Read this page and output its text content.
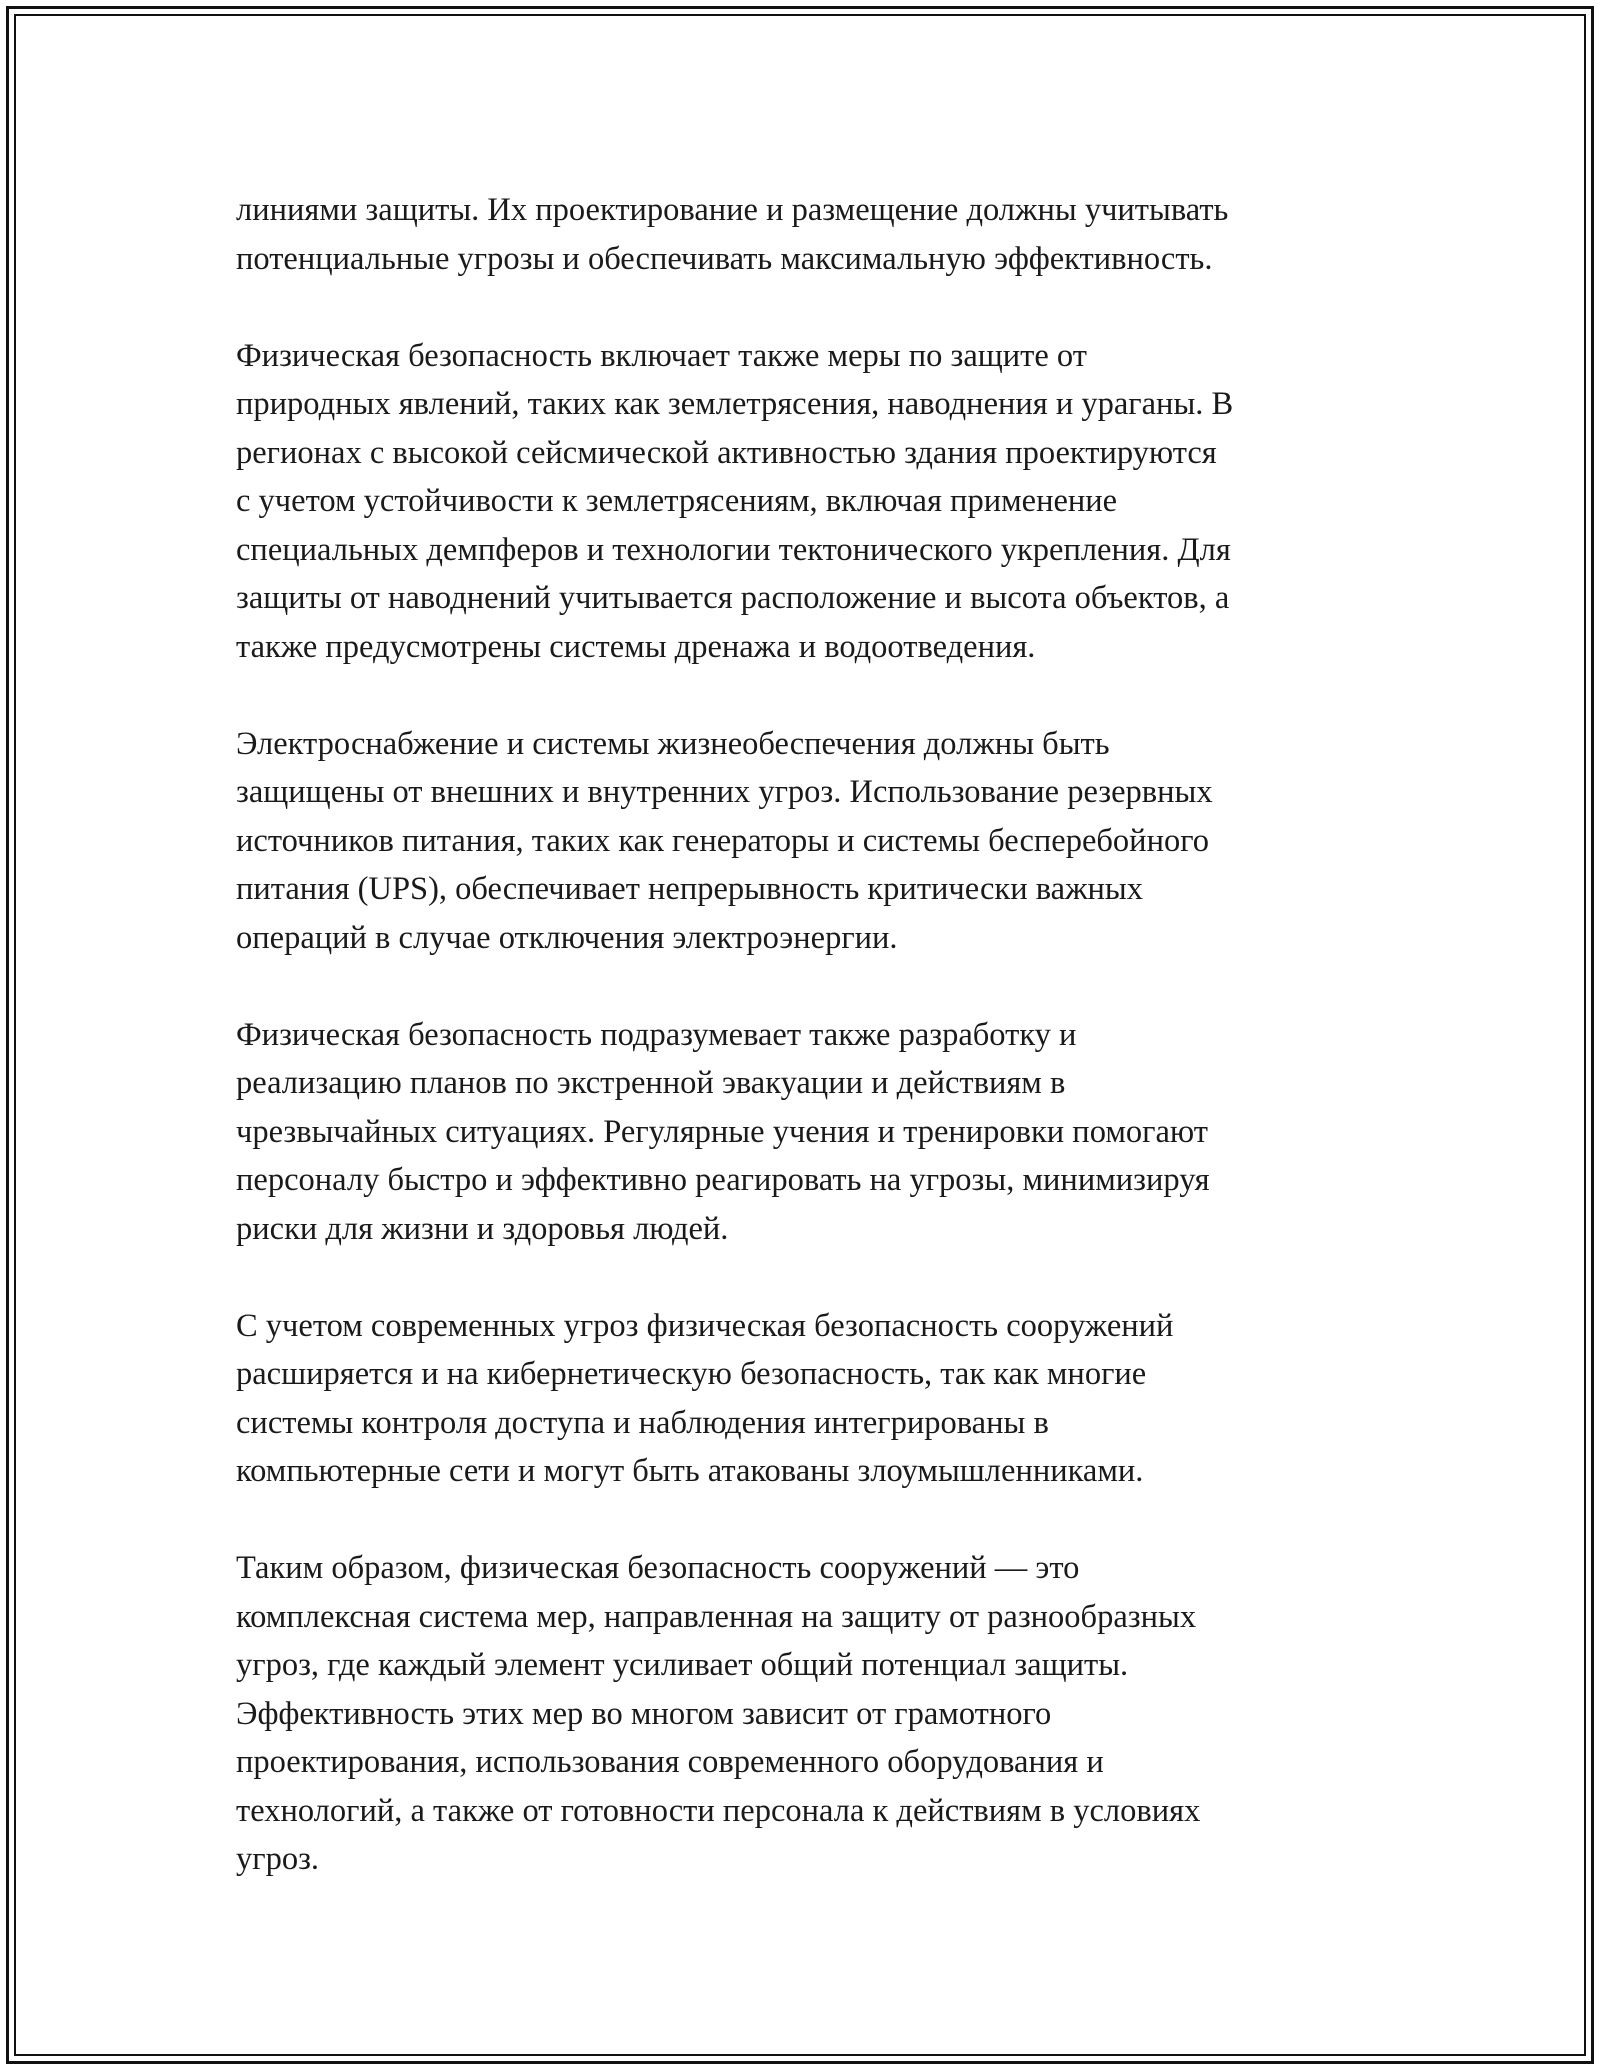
линиями защиты. Их проектирование и размещение должны учитывать
потенциальные угрозы и обеспечивать максимальную эффективность.

Физическая безопасность включает также меры по защите от
природных явлений, таких как землетрясения, наводнения и ураганы. В
регионах с высокой сейсмической активностью здания проектируются
с учетом устойчивости к землетрясениям, включая применение
специальных демпферов и технологии тектонического укрепления. Для
защиты от наводнений учитывается расположение и высота объектов, а
также предусмотрены системы дренажа и водоотведения.

Электроснабжение и системы жизнеобеспечения должны быть
защищены от внешних и внутренних угроз. Использование резервных
источников питания, таких как генераторы и системы бесперебойного
питания (UPS), обеспечивает непрерывность критически важных
операций в случае отключения электроэнергии.

Физическая безопасность подразумевает также разработку и
реализацию планов по экстренной эвакуации и действиям в
чрезвычайных ситуациях. Регулярные учения и тренировки помогают
персоналу быстро и эффективно реагировать на угрозы, минимизируя
риски для жизни и здоровья людей.

С учетом современных угроз физическая безопасность сооружений
расширяется и на кибернетическую безопасность, так как многие
системы контроля доступа и наблюдения интегрированы в
компьютерные сети и могут быть атакованы злоумышленниками.

Таким образом, физическая безопасность сооружений — это
комплексная система мер, направленная на защиту от разнообразных
угроз, где каждый элемент усиливает общий потенциал защиты.
Эффективность этих мер во многом зависит от грамотного
проектирования, использования современного оборудования и
технологий, а также от готовности персонала к действиям в условиях
угроз.
